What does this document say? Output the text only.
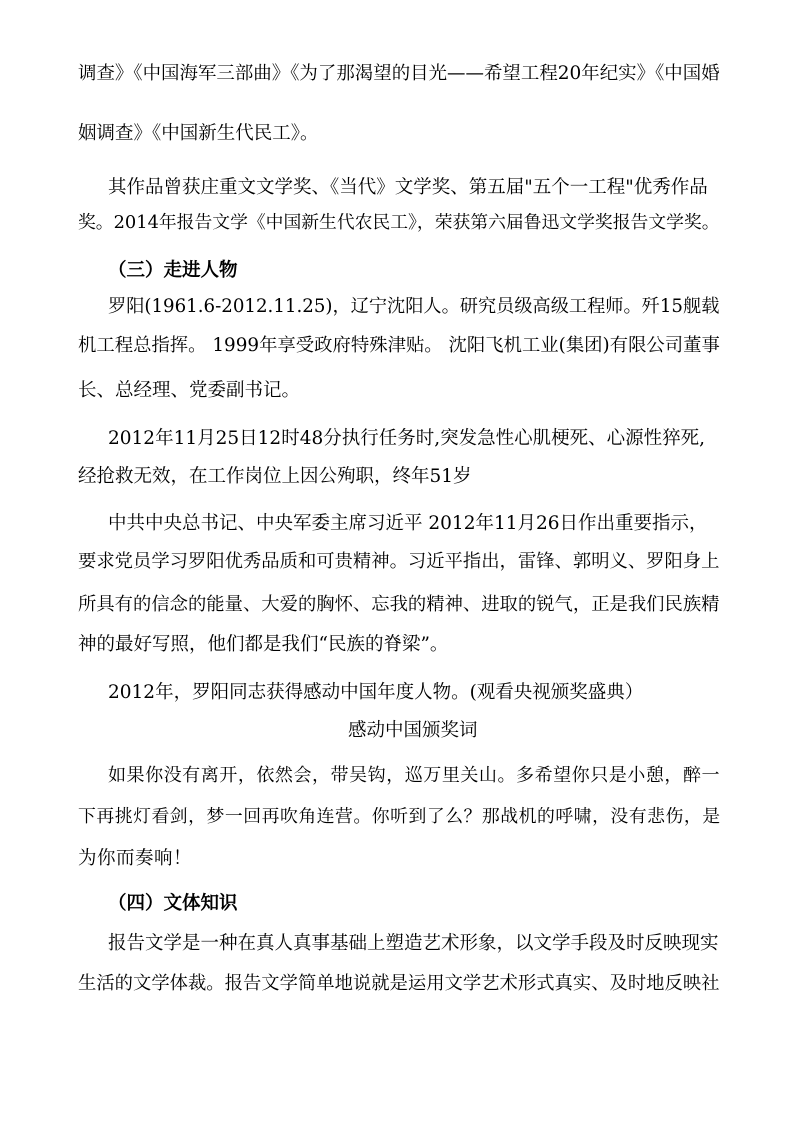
调查》《中国海军三部曲》《为了那渴望的目光——希望工程20年纪实》《中国婚
姻调查》《中国新生代民工》。
其作品曾获庄重文文学奖、《当代》文学奖、第五届"五个一工程"优秀作品
奖。2014年报告文学《中国新生代农民工》，荣获第六届鲁迅文学奖报告文学奖。
（三）走进人物
罗阳(1961.6-2012.11.25)，辽宁沈阳人。研究员级高级工程师。歼15舰载
机工程总指挥。 1999年享受政府特殊津贴。 沈阳飞机工业(集团)有限公司董事
长、总经理、党委副书记。
2012年11月25日12时48分执行任务时,突发急性心肌梗死、心源性猝死,
经抢救无效，在工作岗位上因公殉职，终年51岁
中共中央总书记、中央军委主席习近平 2012年11月26日作出重要指示，
要求党员学习罗阳优秀品质和可贵精神。习近平指出，雷锋、郭明义、罗阳身上
所具有的信念的能量、大爱的胸怀、忘我的精神、进取的锐气，正是我们民族精
神的最好写照，他们都是我们“民族的脊梁”。
2012年，罗阳同志获得感动中国年度人物。(观看央视颁奖盛典）
感动中国颁奖词
如果你没有离开，依然会，带吴钩，巡万里关山。多希望你只是小憩，醉一
下再挑灯看剑，梦一回再吹角连营。你听到了么？那战机的呼啸，没有悲伤，是
为你而奏响！
（四）文体知识
报告文学是一种在真人真事基础上塑造艺术形象，以文学手段及时反映现实
生活的文学体裁。报告文学简单地说就是运用文学艺术形式真实、及时地反映社
